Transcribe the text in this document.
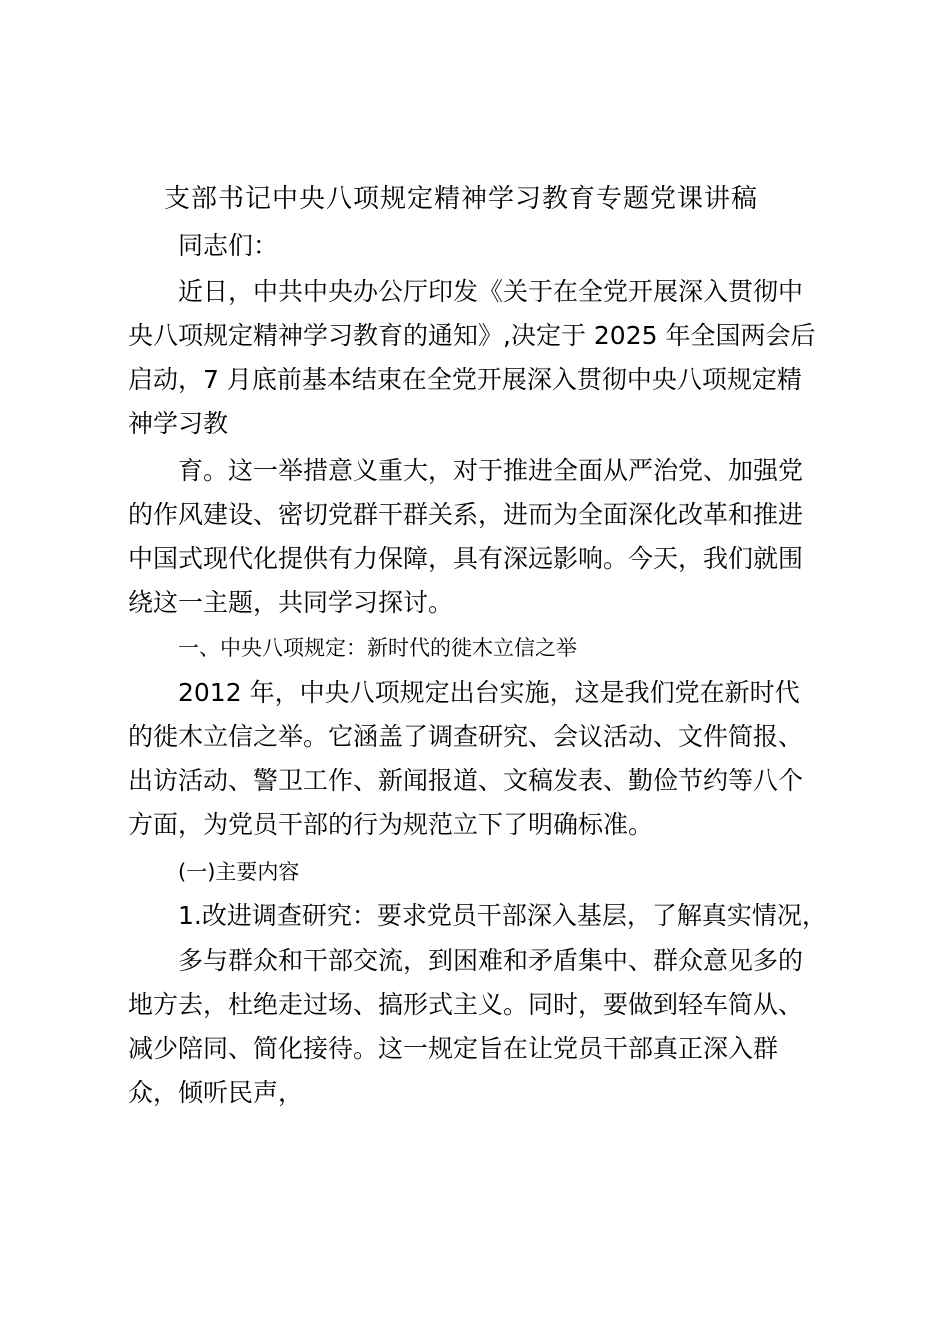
支部书记中央八项规定精神学习教育专题党课讲稿
同志们：
近日，中共中央办公厅印发《关于在全党开展深入贯彻中
央八项规定精神学习教育的通知》,决定于 2025 年全国两会后
启动，7 月底前基本结束在全党开展深入贯彻中央八项规定精
神学习教
育。这一举措意义重大，对于推进全面从严治党、加强党
的作风建设、密切党群干群关系，进而为全面深化改革和推进
中国式现代化提供有力保障，具有深远影响。今天，我们就围
绕这一主题，共同学习探讨。
一、中央八项规定：新时代的徙木立信之举
2012 年，中央八项规定出台实施，这是我们党在新时代
的徙木立信之举。它涵盖了调查研究、会议活动、文件简报、
出访活动、警卫工作、新闻报道、文稿发表、勤俭节约等八个
方面，为党员干部的行为规范立下了明确标准。
(一)主要内容
1.改进调查研究：要求党员干部深入基层，了解真实情况，
多与群众和干部交流，到困难和矛盾集中、群众意见多的
地方去，杜绝走过场、搞形式主义。同时，要做到轻车简从、
减少陪同、简化接待。这一规定旨在让党员干部真正深入群
众，倾听民声，
